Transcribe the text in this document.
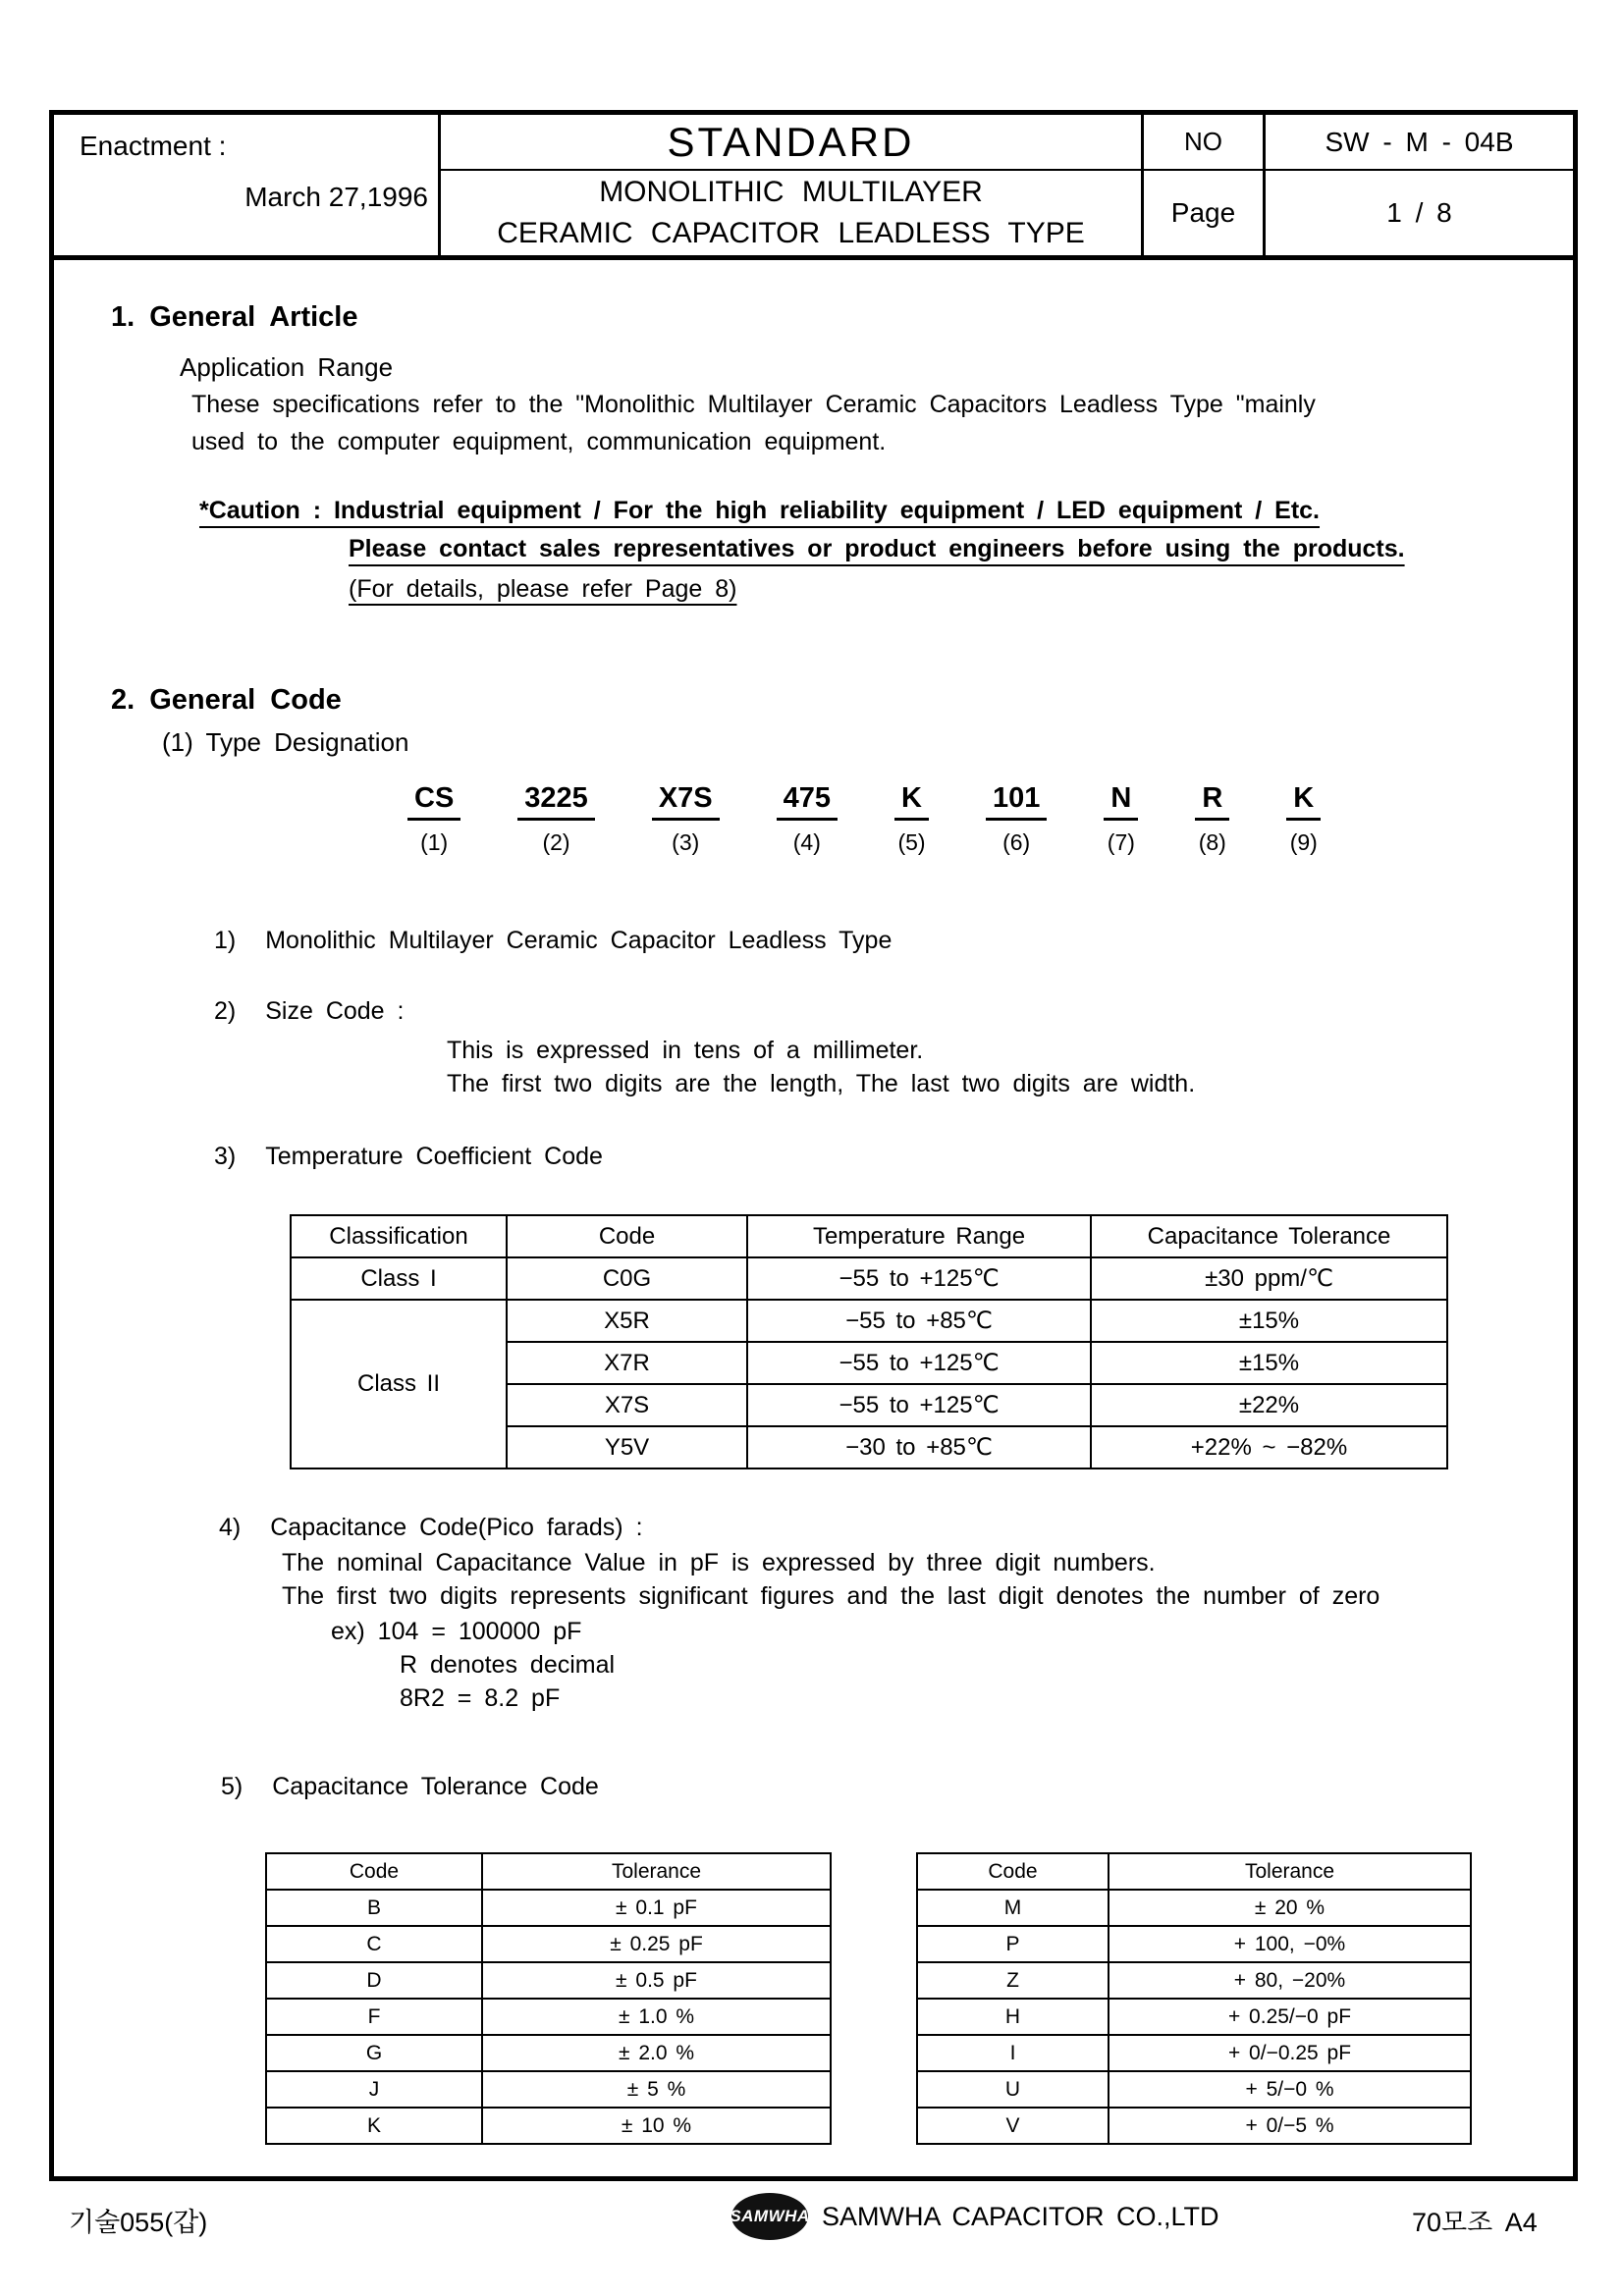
Enactment :
March 27,1996
STANDARD	NO	SW - M - 04B
MONOLITHIC MULTILAYER
CERAMIC CAPACITOR LEADLESS TYPE
Page	1 / 8
1. General Article
Application Range
These specifications refer to the "Monolithic Multilayer Ceramic Capacitors Leadless Type "mainly
used to the computer equipment, communication equipment.
*Caution : Industrial equipment / For the high reliability equipment / LED equipment / Etc.
Please contact sales representatives or product engineers before using the products.
(For details, please refer Page 8)
2. General Code
(1) Type Designation
CS
(1)
3225
(2)
X7S
(3)
475
(4)
K
(5)
101
(6)
N
(7)
R
(8)
K
(9)
1) Monolithic Multilayer Ceramic Capacitor Leadless Type
2) Size Code :
This is expressed in tens of a millimeter.
The first two digits are the length, The last two digits are width.
3) Temperature Coefficient Code
Classification	Code	Temperature Range	Capacitance Tolerance
Class I	C0G	−55 to +125℃	±30 ppm/℃
Class II	X5R	−55 to +85℃	±15%
	X7R	−55 to +125℃	±15%
	X7S	−55 to +125℃	±22%
	Y5V	−30 to +85℃	+22% ~ −82%
4) Capacitance Code(Pico farads) :
The nominal Capacitance Value in pF is expressed by three digit numbers.
The first two digits represents significant figures and the last digit denotes the number of zero
ex) 104 = 100000 pF
R denotes decimal
8R2 = 8.2 pF
5) Capacitance Tolerance Code
Code	Tolerance
B	± 0.1 pF
C	± 0.25 pF
D	± 0.5 pF
F	± 1.0 %
G	± 2.0 %
J	± 5 %
K	± 10 %
Code	Tolerance
M	± 20 %
P	+ 100, −0%
Z	+ 80, −20%
H	+ 0.25/−0 pF
I	+ 0/−0.25 pF
U	+ 5/−0 %
V	+ 0/−5 %
기술055(갑)	SAMWHA SAMWHA CAPACITOR CO.,LTD	70모조 A4
